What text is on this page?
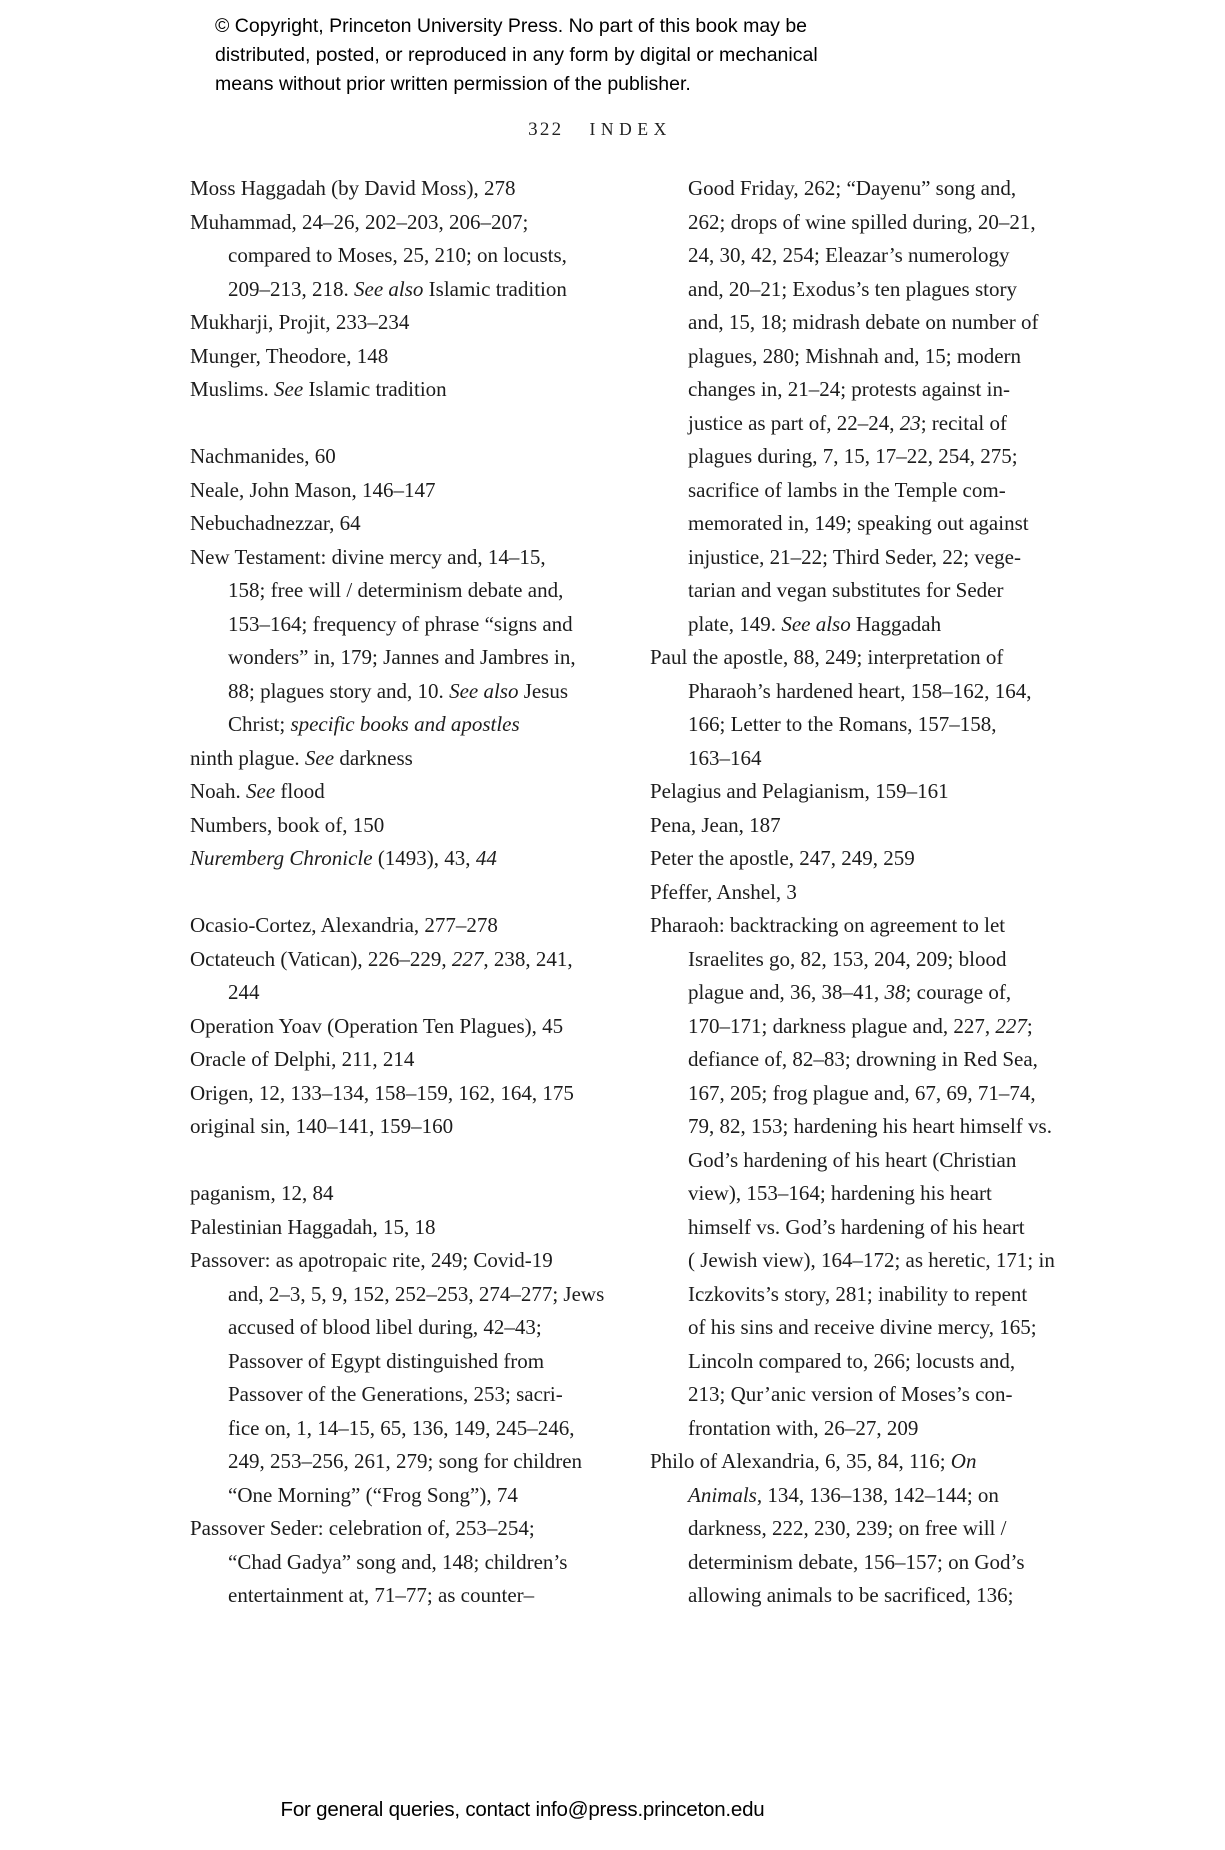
© Copyright, Princeton University Press. No part of this book may be
distributed, posted, or reproduced in any form by digital or mechanical
means without prior written permission of the publisher.
322 INDEX
Moss Haggadah (by David Moss), 278
Muhammad, 24–26, 202–203, 206–207;
compared to Moses, 25, 210; on locusts,
209–213, 218. See also Islamic tradition
Mukharji, Projit, 233–234
Munger, Theodore, 148
Muslims. See Islamic tradition
Nachmanides, 60
Neale, John Mason, 146–147
Nebuchadnezzar, 64
New Testament: divine mercy and, 14–15,
158; free will / determinism debate and,
153–164; frequency of phrase “signs and
wonders” in, 179; Jannes and Jambres in,
88; plagues story and, 10. See also Jesus
Christ; specific books and apostles
ninth plague. See darkness
Noah. See flood
Numbers, book of, 150
Nuremberg Chronicle (1493), 43, 44
Ocasio-Cortez, Alexandria, 277–278
Octateuch (Vatican), 226–229, 227, 238, 241,
244
Operation Yoav (Operation Ten Plagues), 45
Oracle of Delphi, 211, 214
Origen, 12, 133–134, 158–159, 162, 164, 175
original sin, 140–141, 159–160
paganism, 12, 84
Palestinian Haggadah, 15, 18
Passover: as apotropaic rite, 249; Covid-19
and, 2–3, 5, 9, 152, 252–253, 274–277; Jews
accused of blood libel during, 42–43;
Passover of Egypt distinguished from
Passover of the Generations, 253; sacri-
fice on, 1, 14–15, 65, 136, 149, 245–246,
249, 253–256, 261, 279; song for children
“One Morning” (“Frog Song”), 74
Passover Seder: celebration of, 253–254;
“Chad Gadya” song and, 148; children’s
entertainment at, 71–77; as counter–
Good Friday, 262; “Dayenu” song and,
262; drops of wine spilled during, 20–21,
24, 30, 42, 254; Eleazar’s numerology
and, 20–21; Exodus’s ten plagues story
and, 15, 18; midrash debate on number of
plagues, 280; Mishnah and, 15; modern
changes in, 21–24; protests against in-
justice as part of, 22–24, 23; recital of
plagues during, 7, 15, 17–22, 254, 275;
sacrifice of lambs in the Temple com-
memorated in, 149; speaking out against
injustice, 21–22; Third Seder, 22; vege-
tarian and vegan substitutes for Seder
plate, 149. See also Haggadah
Paul the apostle, 88, 249; interpretation of
Pharaoh’s hardened heart, 158–162, 164,
166; Letter to the Romans, 157–158,
163–164
Pelagius and Pelagianism, 159–161
Pena, Jean, 187
Peter the apostle, 247, 249, 259
Pfeffer, Anshel, 3
Pharaoh: backtracking on agreement to let
Israelites go, 82, 153, 204, 209; blood
plague and, 36, 38–41, 38; courage of,
170–171; darkness plague and, 227, 227;
defiance of, 82–83; drowning in Red Sea,
167, 205; frog plague and, 67, 69, 71–74,
79, 82, 153; hardening his heart himself vs.
God’s hardening of his heart (Christian
view), 153–164; hardening his heart
himself vs. God’s hardening of his heart
( Jewish view), 164–172; as heretic, 171; in
Iczkovits’s story, 281; inability to repent
of his sins and receive divine mercy, 165;
Lincoln compared to, 266; locusts and,
213; Qur’anic version of Moses’s con-
frontation with, 26–27, 209
Philo of Alexandria, 6, 35, 84, 116; On
Animals, 134, 136–138, 142–144; on
darkness, 222, 230, 239; on free will /
determinism debate, 156–157; on God’s
allowing animals to be sacrificed, 136;
For general queries, contact info@press.princeton.edu
